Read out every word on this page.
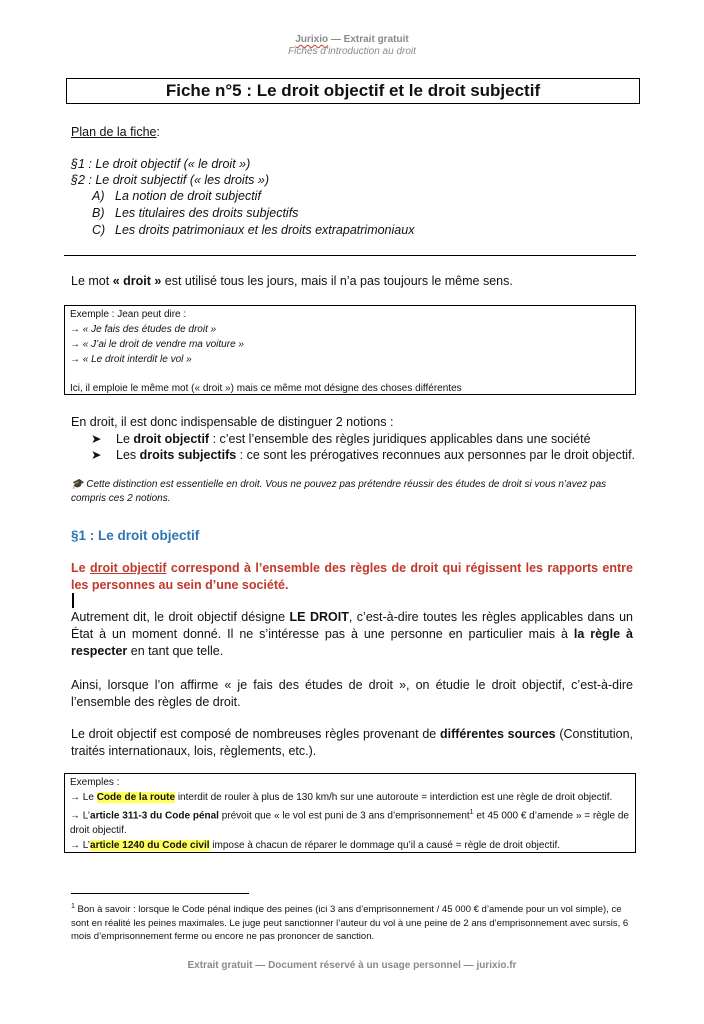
Jurixio — Extrait gratuit
Fiches d’introduction au droit
Fiche n°5 : Le droit objectif et le droit subjectif
Plan de la fiche:
§1 : Le droit objectif (« le droit »)
§2 : Le droit subjectif (« les droits »)
A) La notion de droit subjectif
B) Les titulaires des droits subjectifs
C) Les droits patrimoniaux et les droits extrapatrimoniaux
Le mot « droit » est utilisé tous les jours, mais il n’a pas toujours le même sens.
Exemple : Jean peut dire :
→ « Je fais des études de droit »
→ « J’ai le droit de vendre ma voiture »
→ « Le droit interdit le vol »
Ici, il emploie le même mot (« droit ») mais ce même mot désigne des choses différentes
En droit, il est donc indispensable de distinguer 2 notions :
➤ Le droit objectif : c’est l’ensemble des règles juridiques applicables dans une société
➤ Les droits subjectifs : ce sont les prérogatives reconnues aux personnes par le droit objectif.
🎓 Cette distinction est essentielle en droit. Vous ne pouvez pas prétendre réussir des études de droit si vous n’avez pas compris ces 2 notions.
§1 : Le droit objectif
Le droit objectif correspond à l’ensemble des règles de droit qui régissent les rapports entre les personnes au sein d’une société.
Autrement dit, le droit objectif désigne LE DROIT, c’est-à-dire toutes les règles applicables dans un État à un moment donné. Il ne s’intéresse pas à une personne en particulier mais à la règle à respecter en tant que telle.
Ainsi, lorsque l’on affirme « je fais des études de droit », on étudie le droit objectif, c’est-à-dire l’ensemble des règles de droit.
Le droit objectif est composé de nombreuses règles provenant de différentes sources (Constitution, traités internationaux, lois, règlements, etc.).
Exemples :
→ Le Code de la route interdit de rouler à plus de 130 km/h sur une autoroute = interdiction est une règle de droit objectif.
→ L’article 311-3 du Code pénal prévoit que « le vol est puni de 3 ans d’emprisonnement$^1$ et 45 000 € d’amende » = règle de droit objectif.
→ L’article 1240 du Code civil impose à chacun de réparer le dommage qu’il a causé = règle de droit objectif.
$^1$ Bon à savoir : lorsque le Code pénal indique des peines (ici 3 ans d’emprisonnement / 45 000 € d’amende pour un vol simple), ce sont en réalité les peines maximales. Le juge peut sanctionner l’auteur du vol à une peine de 2 ans d’emprisonnement avec sursis, 6 mois d’emprisonnement ferme ou encore ne pas prononcer de sanction.
Extrait gratuit — Document réservé à un usage personnel — jurixio.fr
